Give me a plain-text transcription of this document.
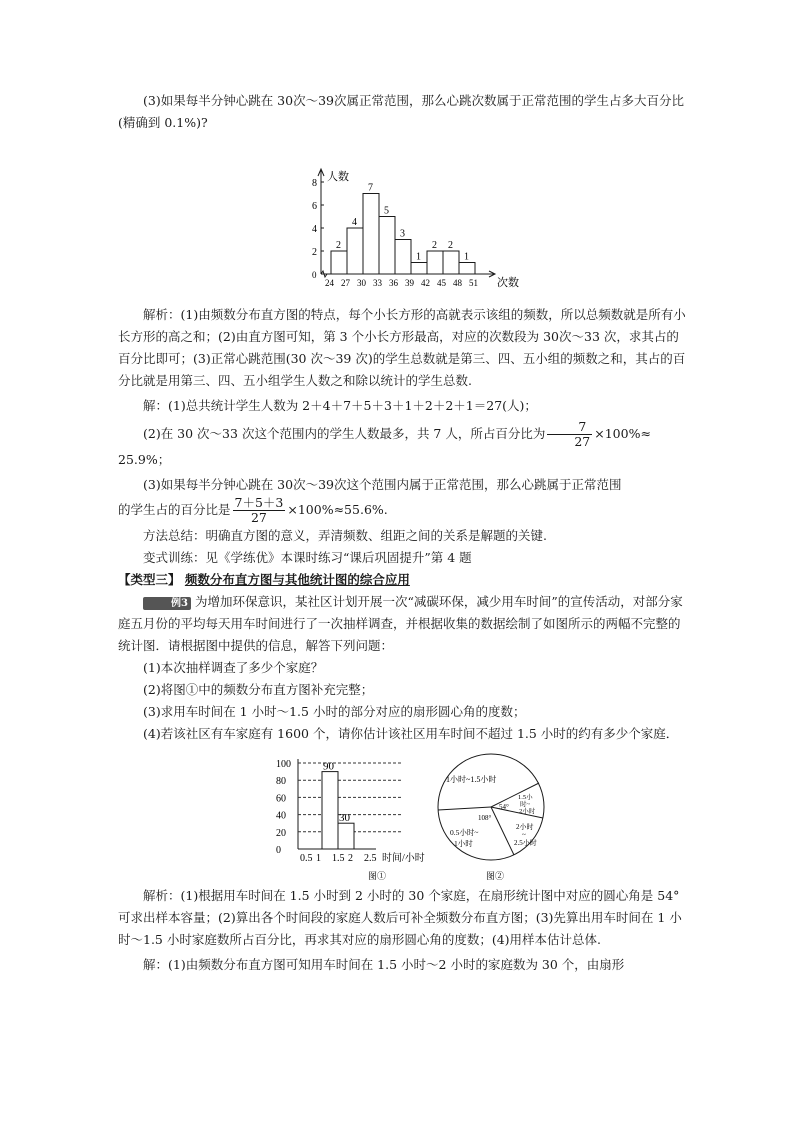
(3)如果每半分钟心跳在 30次～39次属正常范围，那么心跳次数属于正常范围的学生占多大百分比(精确到 0.1%)?

人数
次数
0
2
4
6
8
24 27 30 33 36 39 42 45 48 51
2
4
7
5
3
1
2 2
1

解析：(1)由频数分布直方图的特点，每个小长方形的高就表示该组的频数，所以总频数就是所有小长方形的高之和；(2)由直方图可知，第 3 个小长方形最高，对应的次数段为 30次～33 次，求其占的百分比即可；(3)正常心跳范围(30 次～39 次)的学生总数就是第三、四、五小组的频数之和，其占的百分比就是用第三、四、五小组学生人数之和除以统计的学生总数.

解：(1)总共统计学生人数为 2＋4＋7＋5＋3＋1＋2＋2＋1＝27(人)；

(2)在 30 次～33 次这个范围内的学生人数最多，共 7 人，所占百分比为 $\frac{7}{27} \times 100\%\approx$

25.9%；

(3)如果每半分钟心跳在 30次～39次这个范围内属于正常范围，那么心跳属于正常范围

的学生占的百分比是 $\frac{7+5+3}{27} \times 100\%\approx 55.6\%$.

方法总结：明确直方图的意义，弄清频数、组距之间的关系是解题的关键.

变式训练：见《学练优》本课时练习“课后巩固提升”第 4 题

【类型三】 频数分布直方图与其他统计图的综合应用

例3 为增加环保意识，某社区计划开展一次“减碳环保，减少用车时间”的宣传活动，对部分家庭五月份的平均每天用车时间进行了一次抽样调查，并根据收集的数据绘制了如图所示的两幅不完整的统计图．请根据图中提供的信息，解答下列问题：

(1)本次抽样调查了多少个家庭？

(2)将图①中的频数分布直方图补充完整；

(3)求用车时间在 1 小时～1.5 小时的部分对应的扇形圆心角的度数；

(4)若该社区有车家庭有 1600 个，请你估计该社区用车时间不超过 1.5 小时的约有多少个家庭．

0
20
40
60
80
100	90
30
0.5 1 1.5 2 2.5 时间/小时
图①
1小时~1.5小时
1.5小
时~
2小时
54°
108°
2小时
~
2.5小时
0.5小时~
1小时
图②

解析：(1)根据用车时间在 1.5 小时到 2 小时的 30 个家庭，在扇形统计图中对应的圆心角是 54°可求出样本容量；(2)算出各个时间段的家庭人数后可补全频数分布直方图；(3)先算出用车时间在 1 小时～1.5 小时家庭数所占百分比，再求其对应的扇形圆心角的度数；(4)用样本估计总体.

解：(1)由频数分布直方图可知用车时间在 1.5 小时～2 小时的家庭数为 30 个，由扇形
